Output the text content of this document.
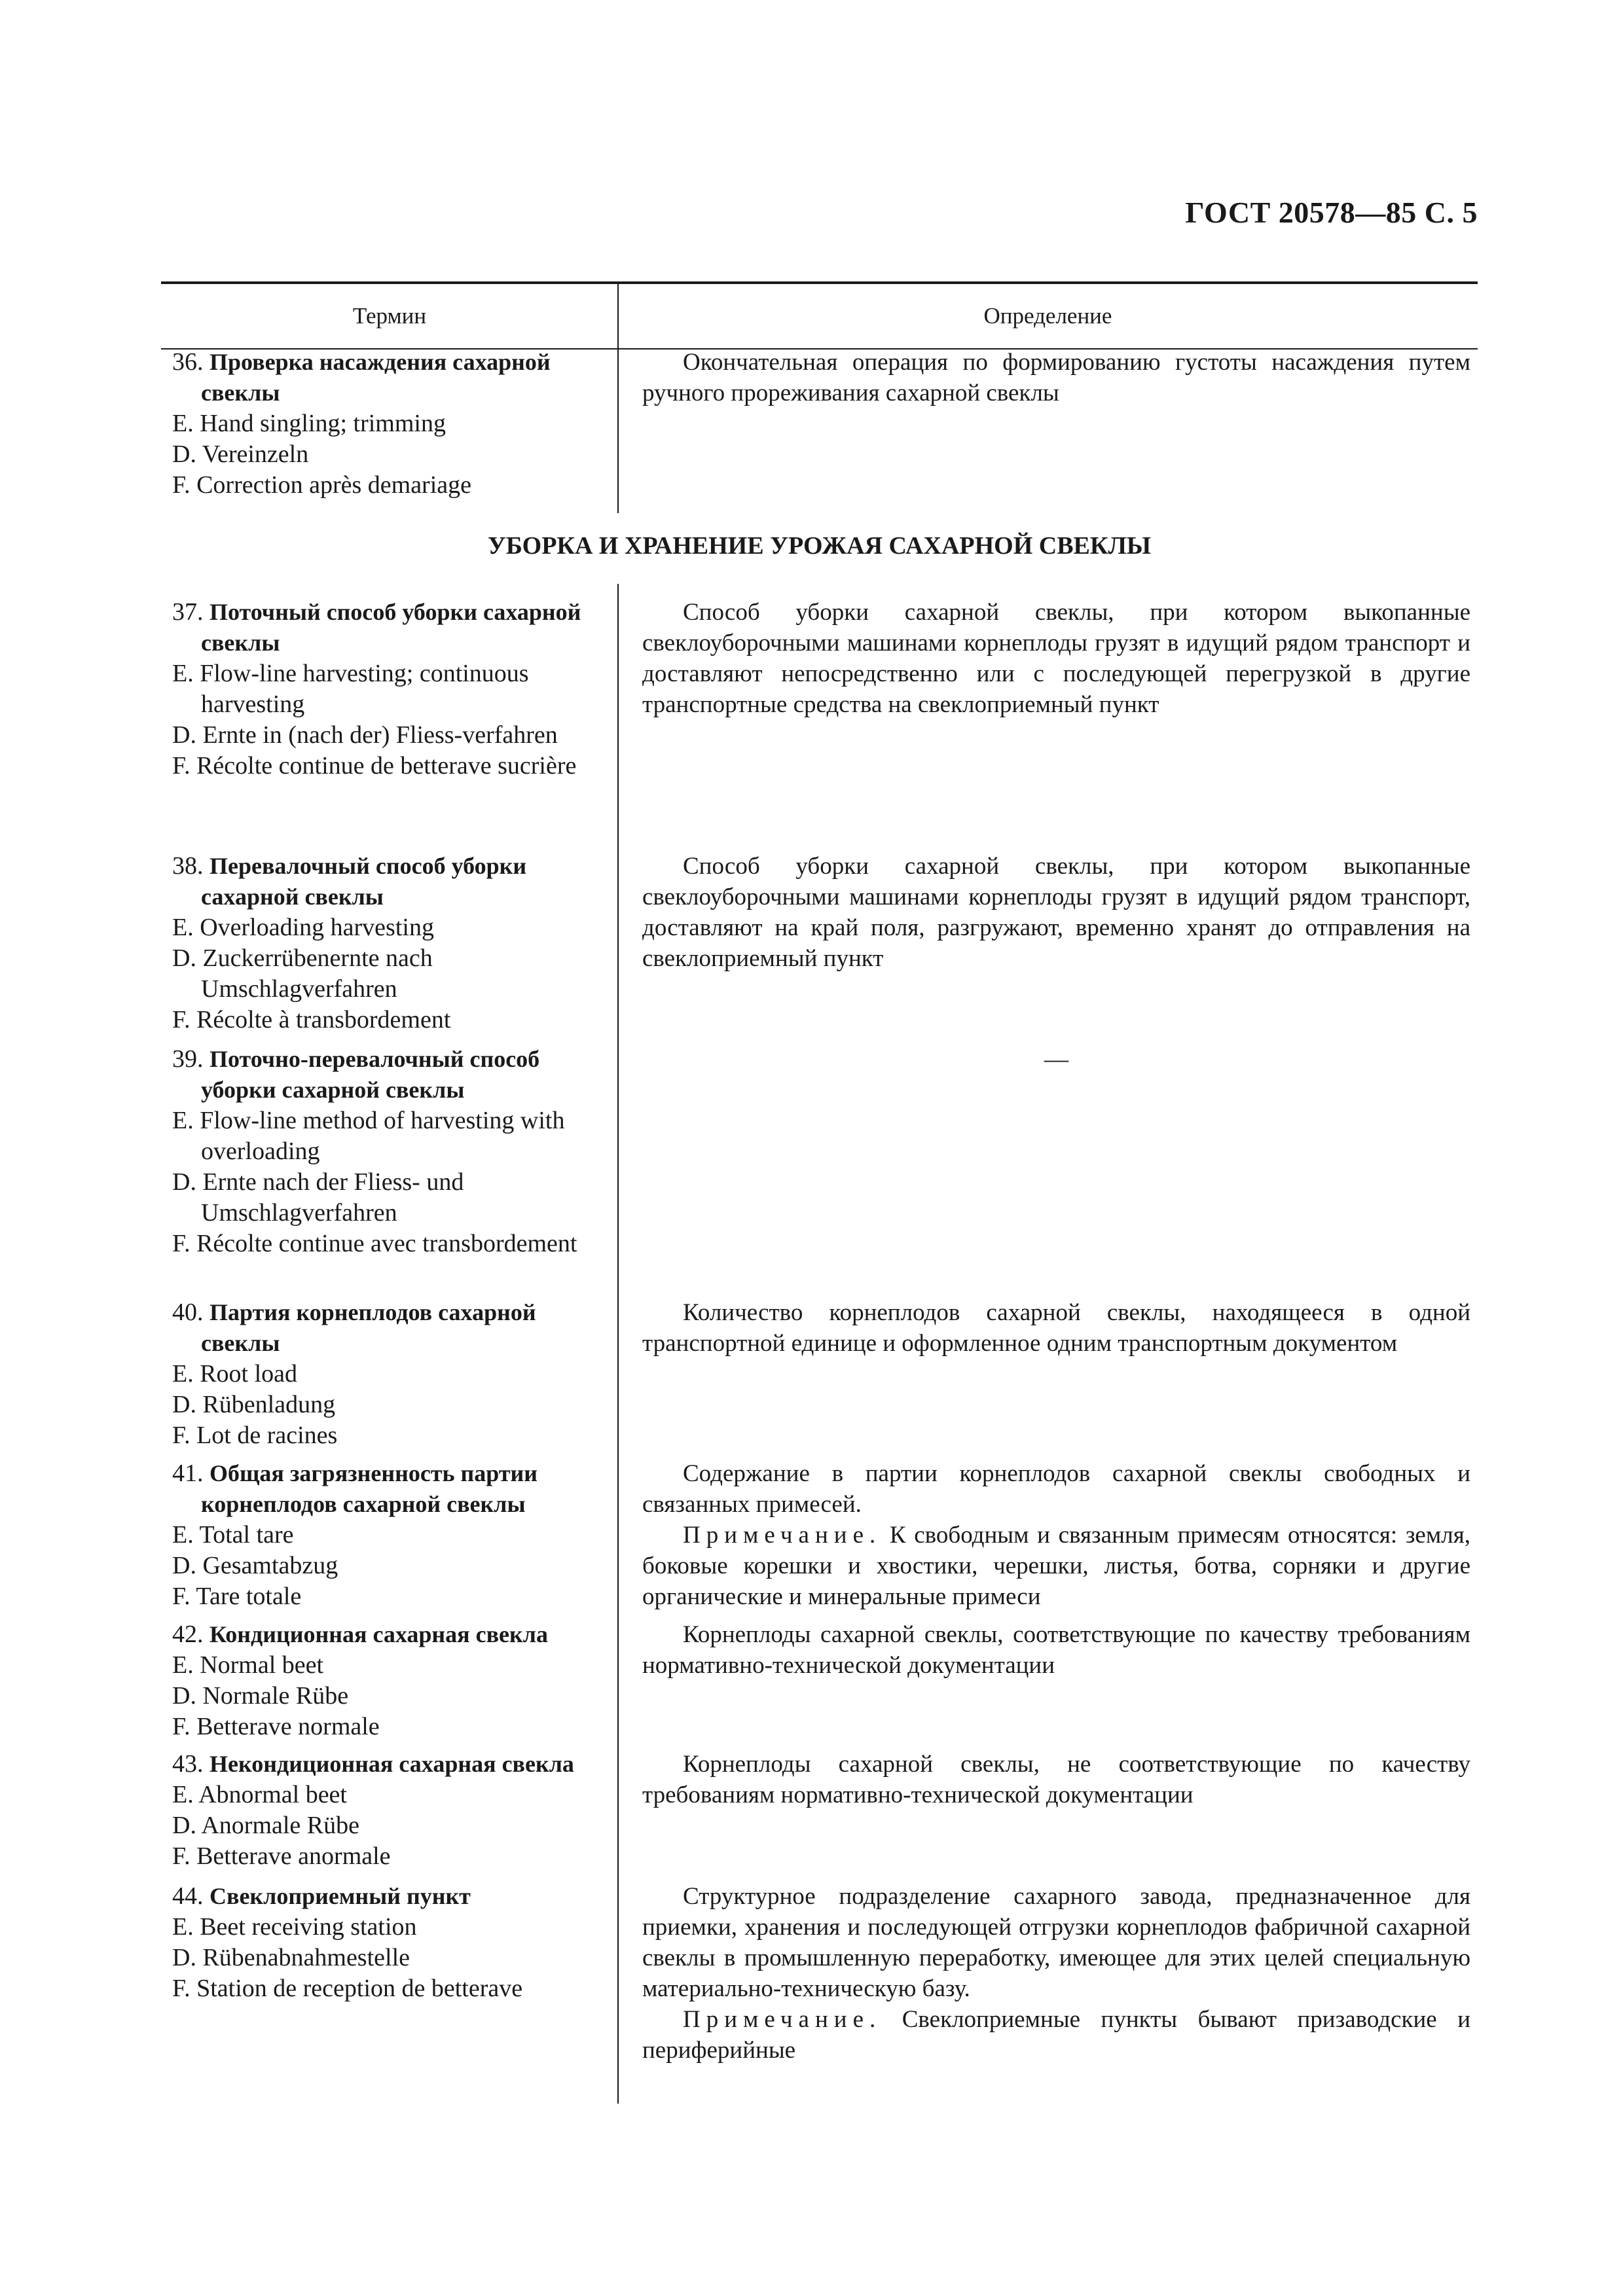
ГОСТ 20578—85 С. 5
Термин	Определение
36. Проверка насаждения сахарной свеклы
E. Hand singling; trimming
D. Vereinzeln
F. Correction après demariage

Окончательная операция по формированию густоты насаждения путем ручного прореживания сахарной свеклы

УБОРКА И ХРАНЕНИЕ УРОЖАЯ САХАРНОЙ СВЕКЛЫ
37. Поточный способ уборки сахарной свеклы
E. Flow-line harvesting; continuous harvesting
D. Ernte in (nach der) Fliess-verfahren
F. Récolte continue de betterave sucrière

Способ уборки сахарной свеклы, при котором выкопанные свеклоуборочными машинами корнеплоды грузят в идущий рядом транспорт и доставляют непосредственно или с последующей перегрузкой в другие транспортные средства на свеклоприемный пункт

38. Перевалочный способ уборки сахарной свеклы
E. Overloading harvesting
D. Zuckerrübenernte nach Umschlagverfahren
F. Récolte à transbordement

Способ уборки сахарной свеклы, при котором выкопанные свеклоуборочными машинами корнеплоды грузят в идущий рядом транспорт, доставляют на край поля, разгружают, временно хранят до отправления на свеклоприемный пункт

39. Поточно-перевалочный способ уборки сахарной свеклы
E. Flow-line method of harvesting with overloading
D. Ernte nach der Fliess- und Umschlagverfahren
F. Récolte continue avec transbordement
—
40. Партия корнеплодов сахарной свеклы
E. Root load
D. Rübenladung
F. Lot de racines

Количество корнеплодов сахарной свеклы, находящееся в одной транспортной единице и оформленное одним транспортным документом

41. Общая загрязненность партии корнеплодов сахарной свеклы
E. Total tare
D. Gesamtabzug
F. Tare totale

Содержание в партии корнеплодов сахарной свеклы свободных и связанных примесей.

Примечание. К свободным и связанным примесям относятся: земля, боковые корешки и хвостики, черешки, листья, ботва, сорняки и другие органические и минеральные примеси

42. Кондиционная сахарная свекла
E. Normal beet
D. Normale Rübe
F. Betterave normale

Корнеплоды сахарной свеклы, соответствующие по качеству требованиям нормативно-технической документации

43. Некондиционная сахарная свекла
E. Abnormal beet
D. Anormale Rübe
F. Betterave anormale

Корнеплоды сахарной свеклы, не соответствующие по качеству требованиям нормативно-технической документации

44. Свеклоприемный пункт
E. Beet receiving station
D. Rübenabnahmestelle
F. Station de reception de betterave

Структурное подразделение сахарного завода, предназначенное для приемки, хранения и последующей отгрузки корнеплодов фабричной сахарной свеклы в промышленную переработку, имеющее для этих целей специальную материально-техническую базу.

Примечание. Свеклоприемные пункты бывают призаводские и периферийные
